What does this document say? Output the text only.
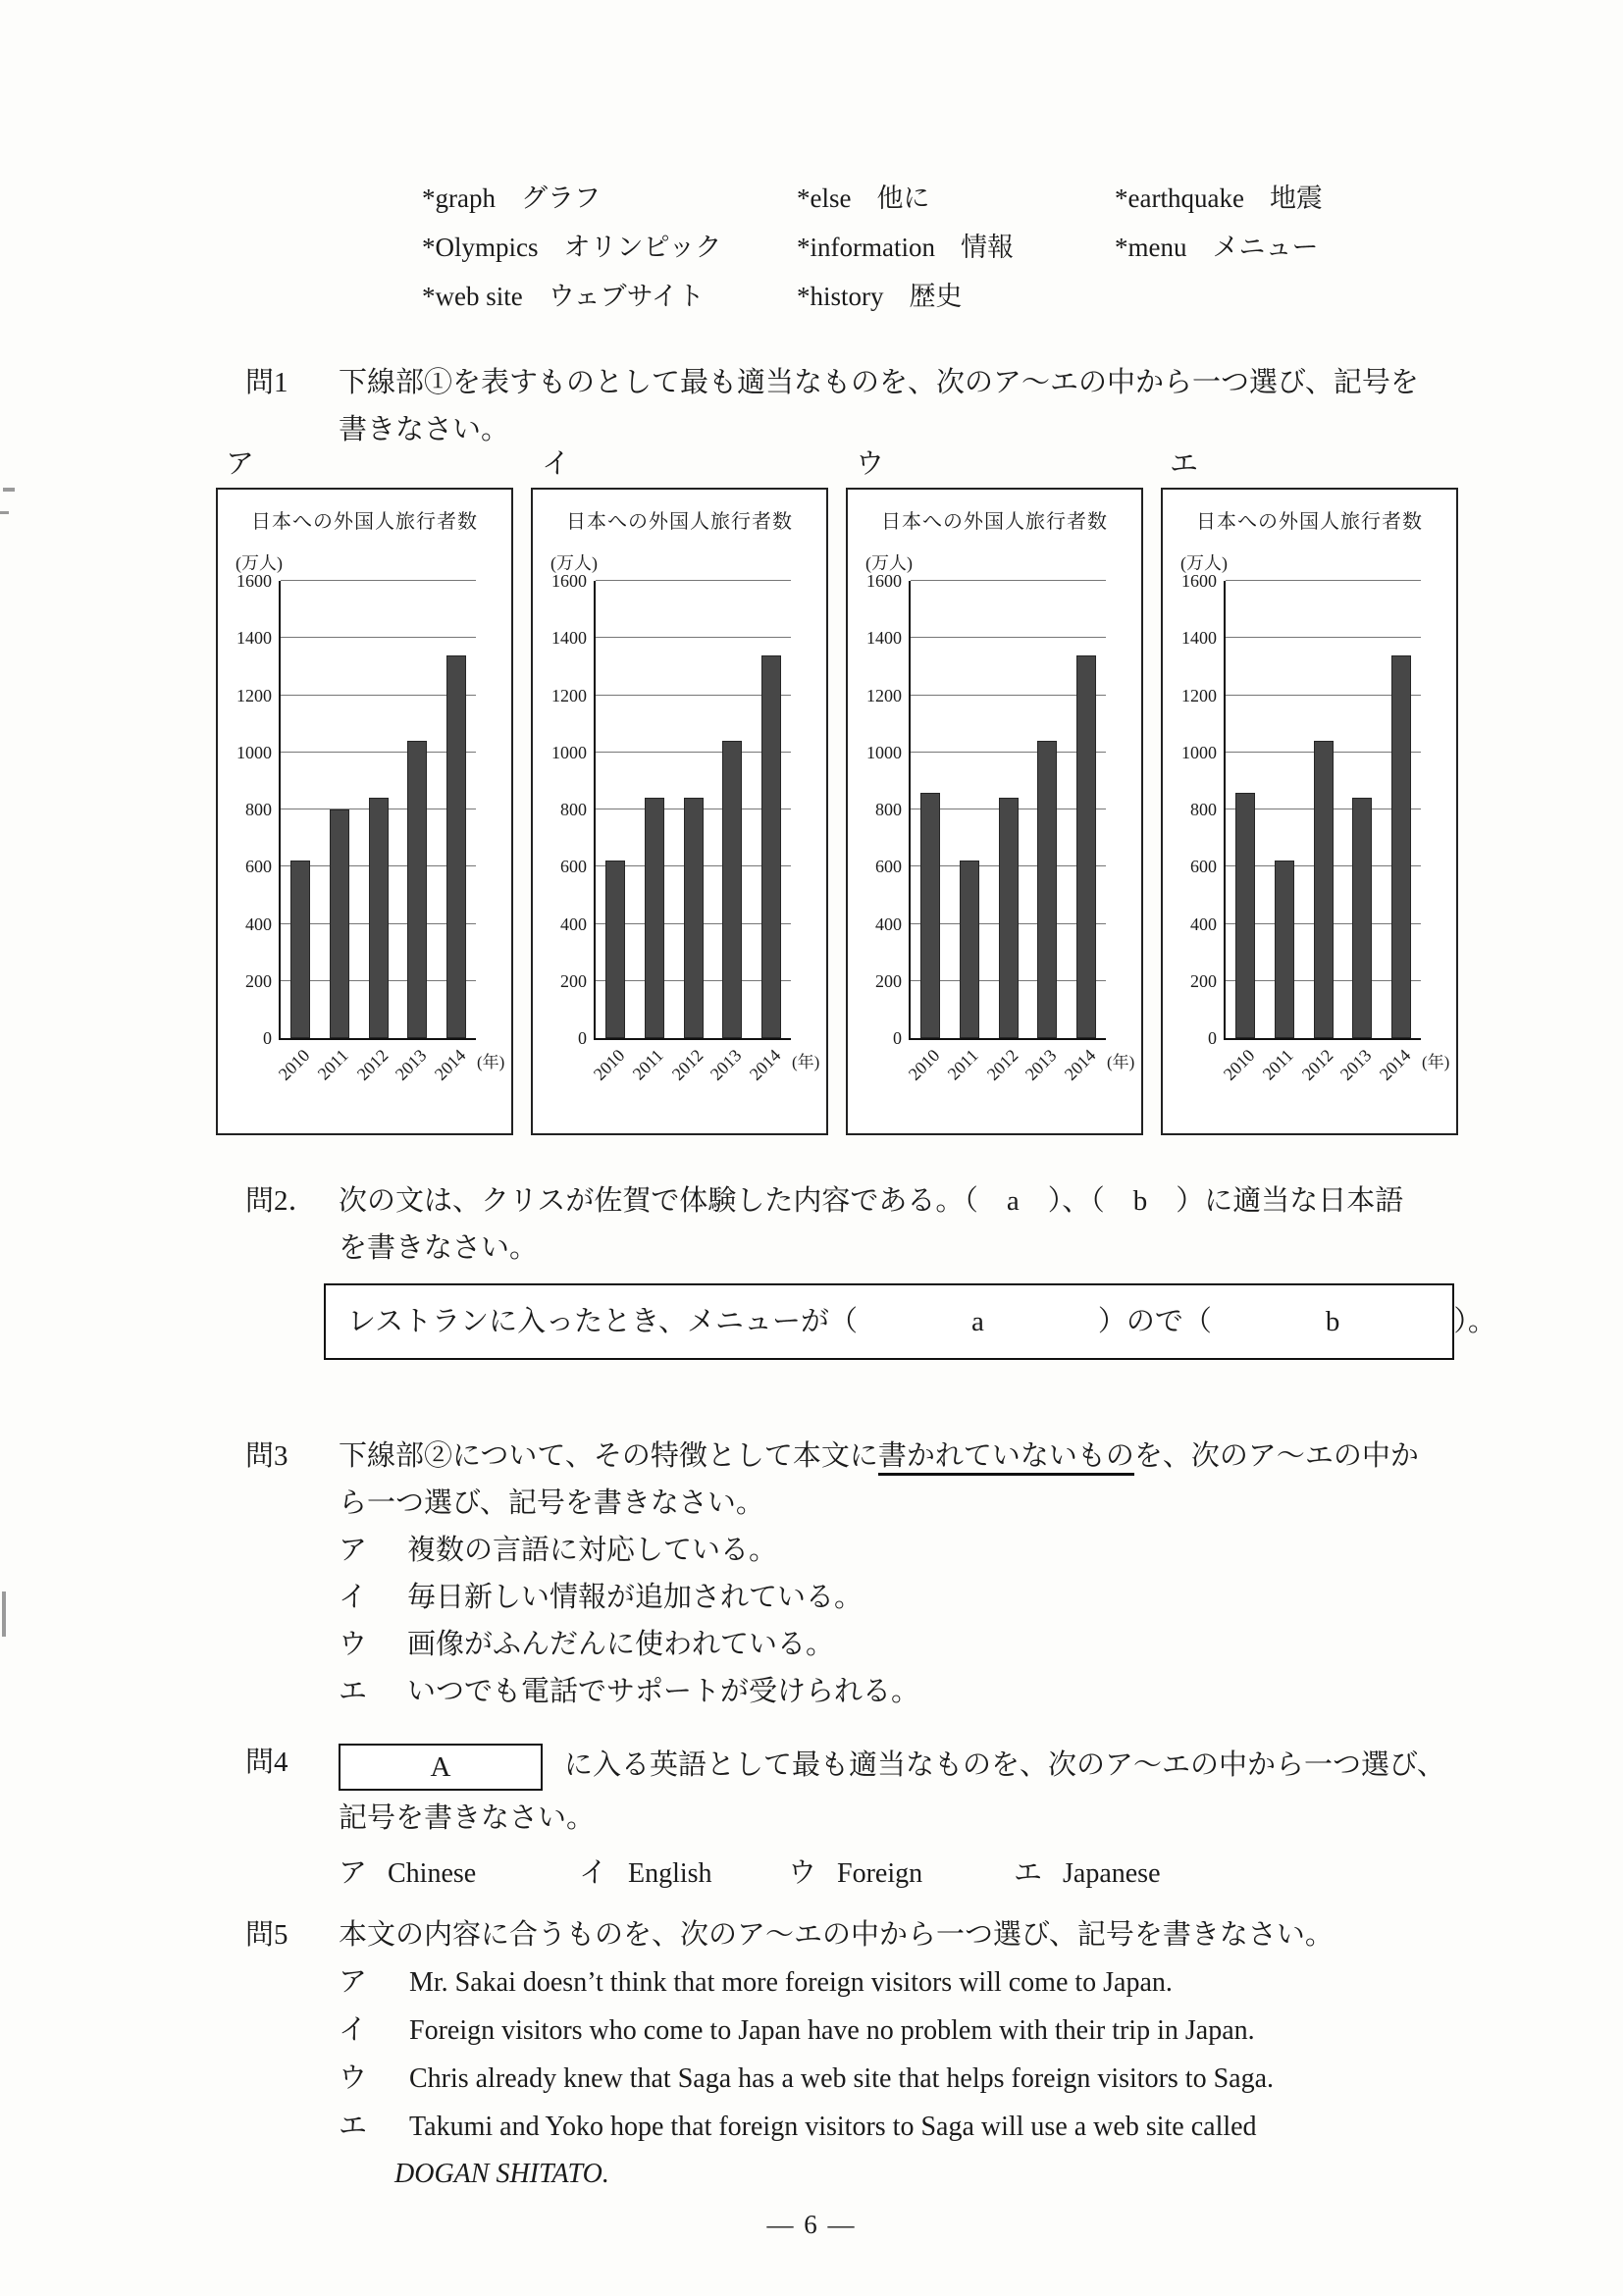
*graph グラフ	*else 他に	*earthquake 地震
*Olympics オリンピック	*information 情報	*menu メニュー
*web site ウェブサイト	*history 歴史
問1 下線部①を表すものとして最も適当なものを、次のア〜エの中から一つ選び、記号を
書きなさい。
ア	イ	ウ	エ
日本への外国人旅行者数
(万人)
(年)
0
200
400
600
800
1000
1200
1400
1600
2010 2011 2012 2013 2014
日本への外国人旅行者数
(万人)
(年)
0
200
400
600
800
1000
1200
1400
1600
2010 2011 2012 2013 2014
日本への外国人旅行者数
(万人)
(年)
0
200
400
600
800
1000
1200
1400
1600
2010 2011 2012 2013 2014
日本への外国人旅行者数
(万人)
(年)
0
200
400
600
800
1000
1200
1400
1600
2010 2011 2012 2013 2014
問2． 次の文は、クリスが佐賀で体験した内容である。（　a　）、（　b　）に適当な日本語
を書きなさい。
レストランに入ったとき、メニューが（　　　　a　　　　）ので（　　　　b　　　　）。
問3 下線部②について、その特徴として本文に書かれていないものを、次のア〜エの中か
ら一つ選び、記号を書きなさい。
ア 複数の言語に対応している。
イ 毎日新しい情報が追加されている。
ウ 画像がふんだんに使われている。
エ いつでも電話でサポートが受けられる。
問4	A	に入る英語として最も適当なものを、次のア〜エの中から一つ選び、
記号を書きなさい。
ア Chinese	イ English	ウ Foreign	エ Japanese
問5 本文の内容に合うものを、次のア〜エの中から一つ選び、記号を書きなさい。
ア Mr. Sakai doesn’t think that more foreign visitors will come to Japan.
イ Foreign visitors who come to Japan have no problem with their trip in Japan.
ウ Chris already knew that Saga has a web site that helps foreign visitors to Saga.
エ Takumi and Yoko hope that foreign visitors to Saga will use a web site called
DOGAN SHITATO.
— 6 —
